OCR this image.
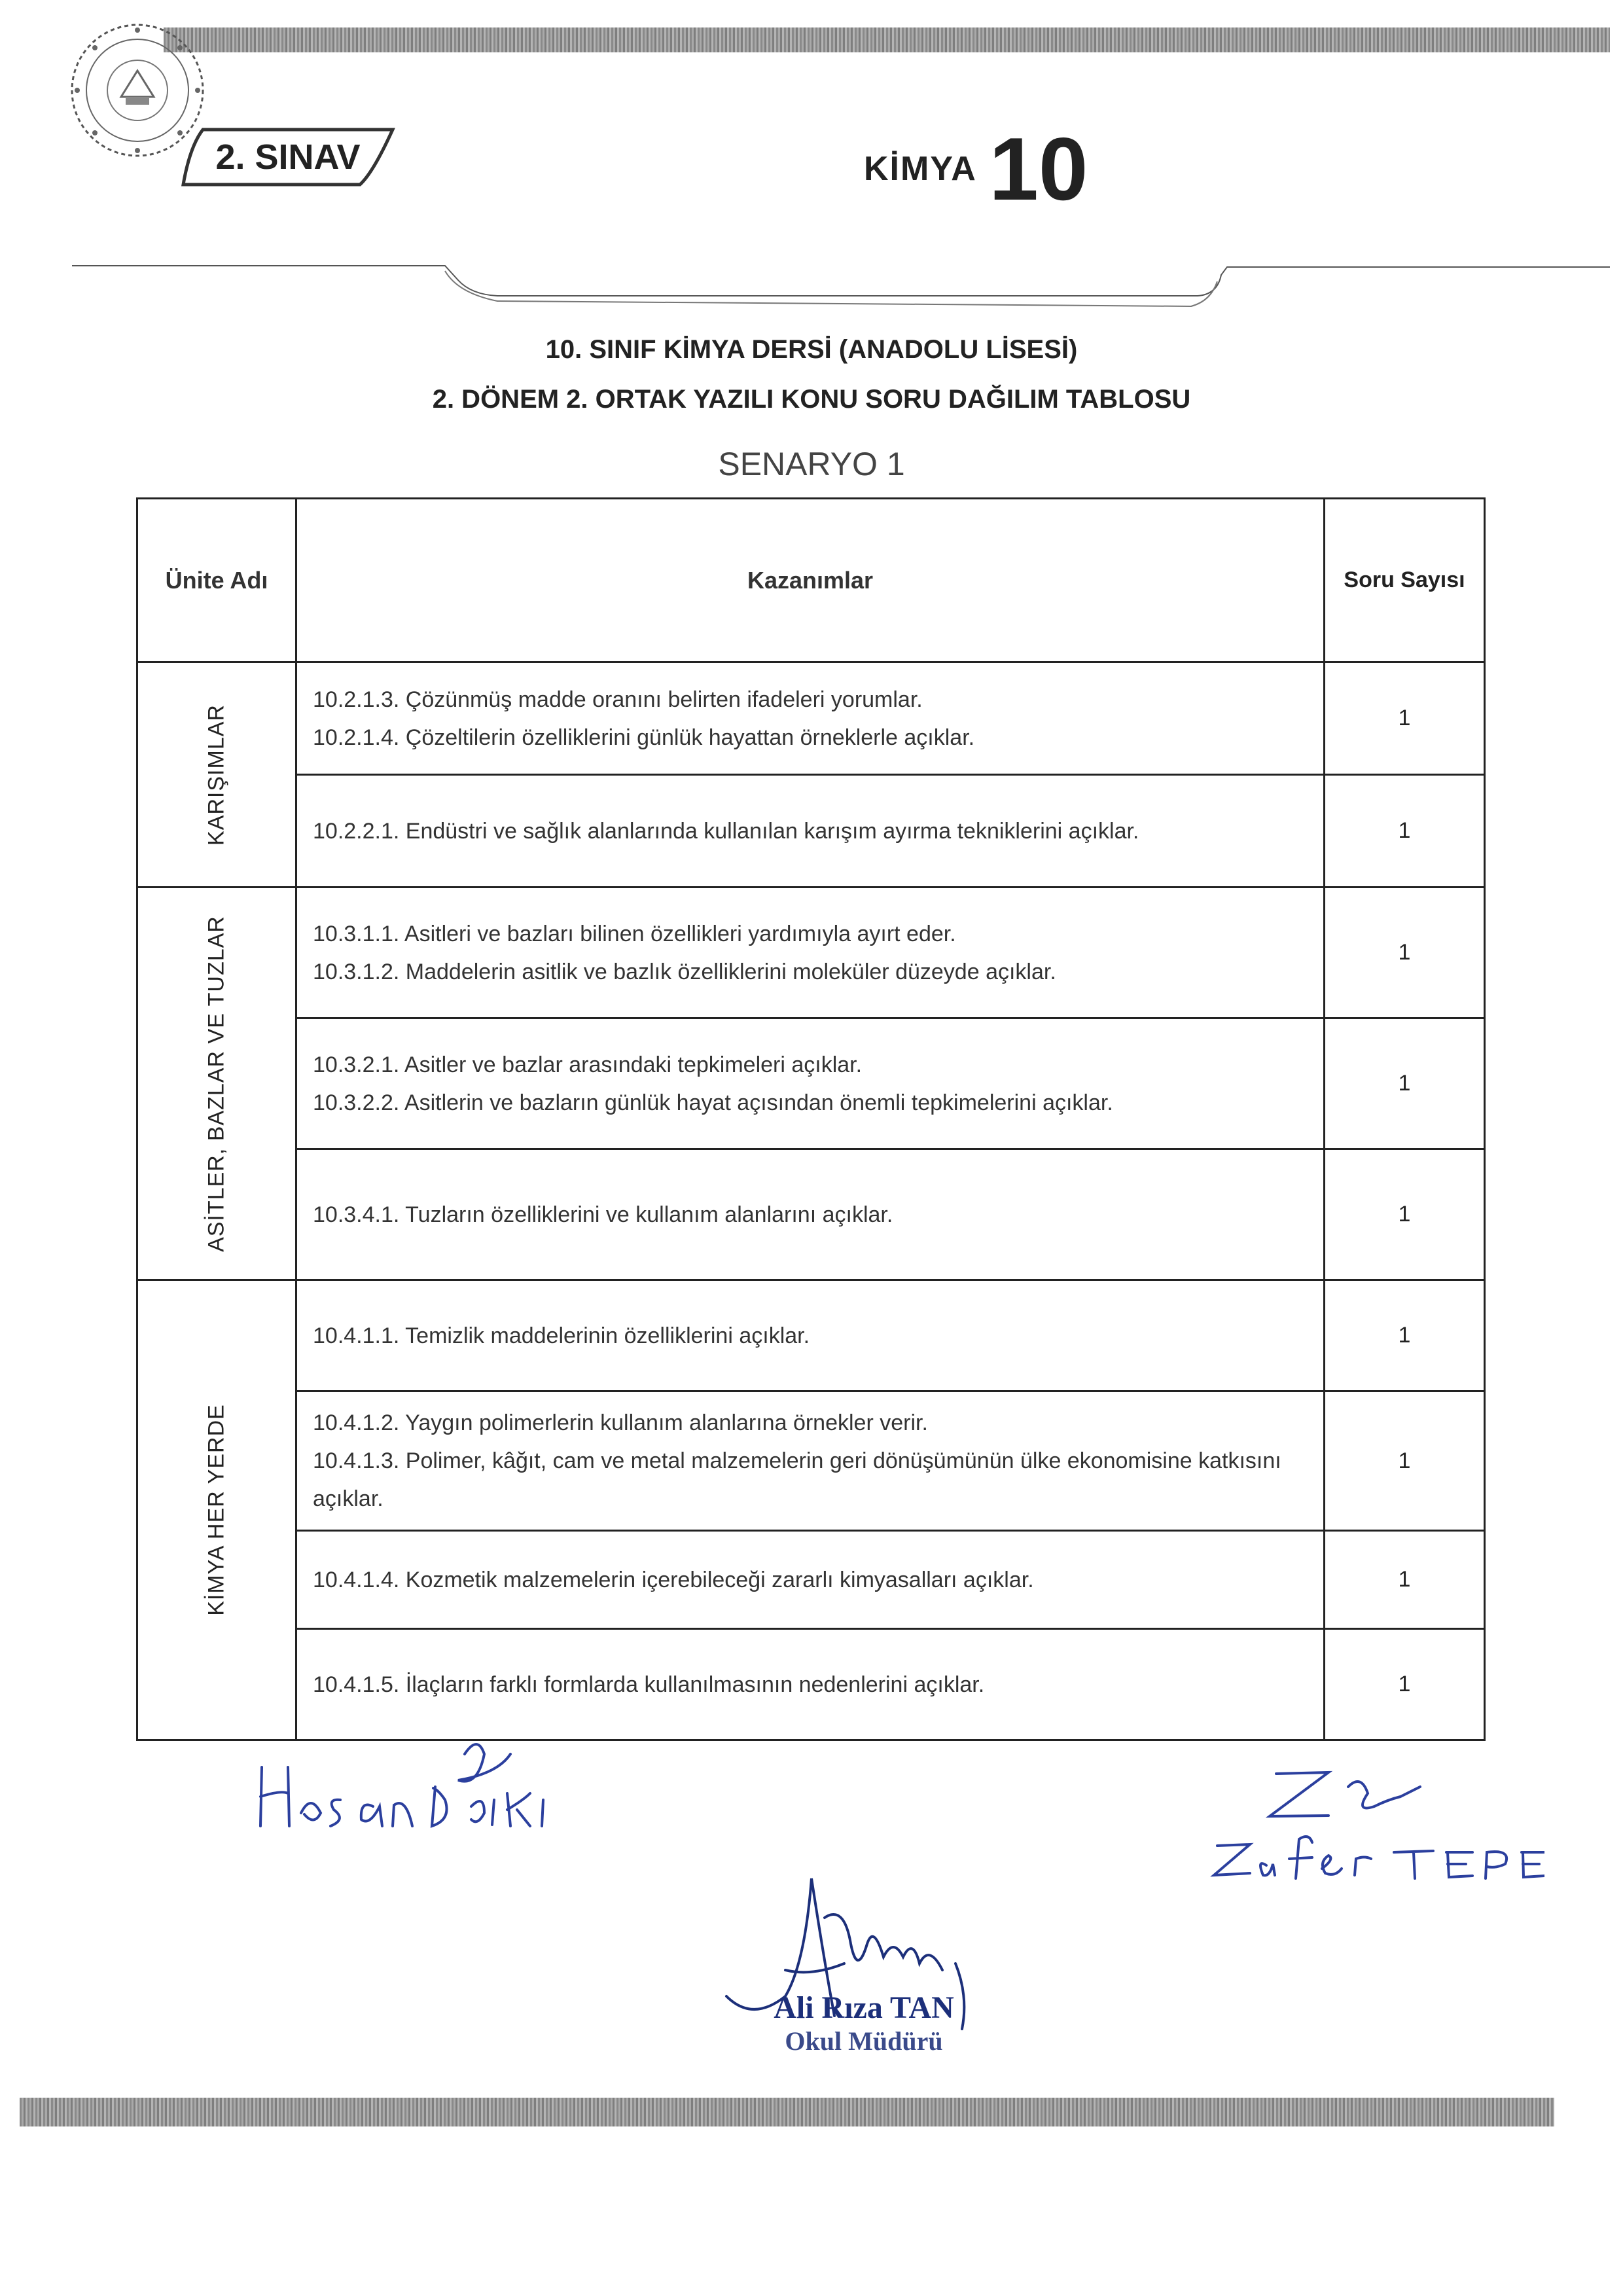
2. SINAV	KİMYA 10
10. SINIF KİMYA DERSİ (ANADOLU LİSESİ)
2. DÖNEM 2. ORTAK YAZILI KONU SORU DAĞILIM TABLOSU
SENARYO 1
Ünite Adı	Kazanımlar	Soru Sayısı

KARIŞIMLAR	10.2.1.3. Çözünmüş madde oranını belirten ifadeleri yorumlar.
10.2.1.4. Çözeltilerin özelliklerini günlük hayattan örneklerle açıklar.	1

	10.2.2.1. Endüstri ve sağlık alanlarında kullanılan karışım ayırma tekniklerini açıklar.	1

ASİTLER, BAZLAR VE TUZLAR	10.3.1.1. Asitleri ve bazları bilinen özellikleri yardımıyla ayırt eder.
10.3.1.2. Maddelerin asitlik ve bazlık özelliklerini moleküler düzeyde açıklar.	1

	10.3.2.1. Asitler ve bazlar arasındaki tepkimeleri açıklar.
10.3.2.2. Asitlerin ve bazların günlük hayat açısından önemli tepkimelerini açıklar.	1

	10.3.4.1. Tuzların özelliklerini ve kullanım alanlarını açıklar.	1

KİMYA HER YERDE	10.4.1.1. Temizlik maddelerinin özelliklerini açıklar.	1

	10.4.1.2. Yaygın polimerlerin kullanım alanlarına örnekler verir.
10.4.1.3. Polimer, kâğıt, cam ve metal malzemelerin geri dönüşümünün ülke ekonomisine katkısını açıklar.	1

	10.4.1.4. Kozmetik malzemelerin içerebileceği zararlı kimyasalları açıklar.	1

	10.4.1.5. İlaçların farklı formlarda kullanılmasının nedenlerini açıklar.	1
Ali Rıza TAN
Okul Müdürü
